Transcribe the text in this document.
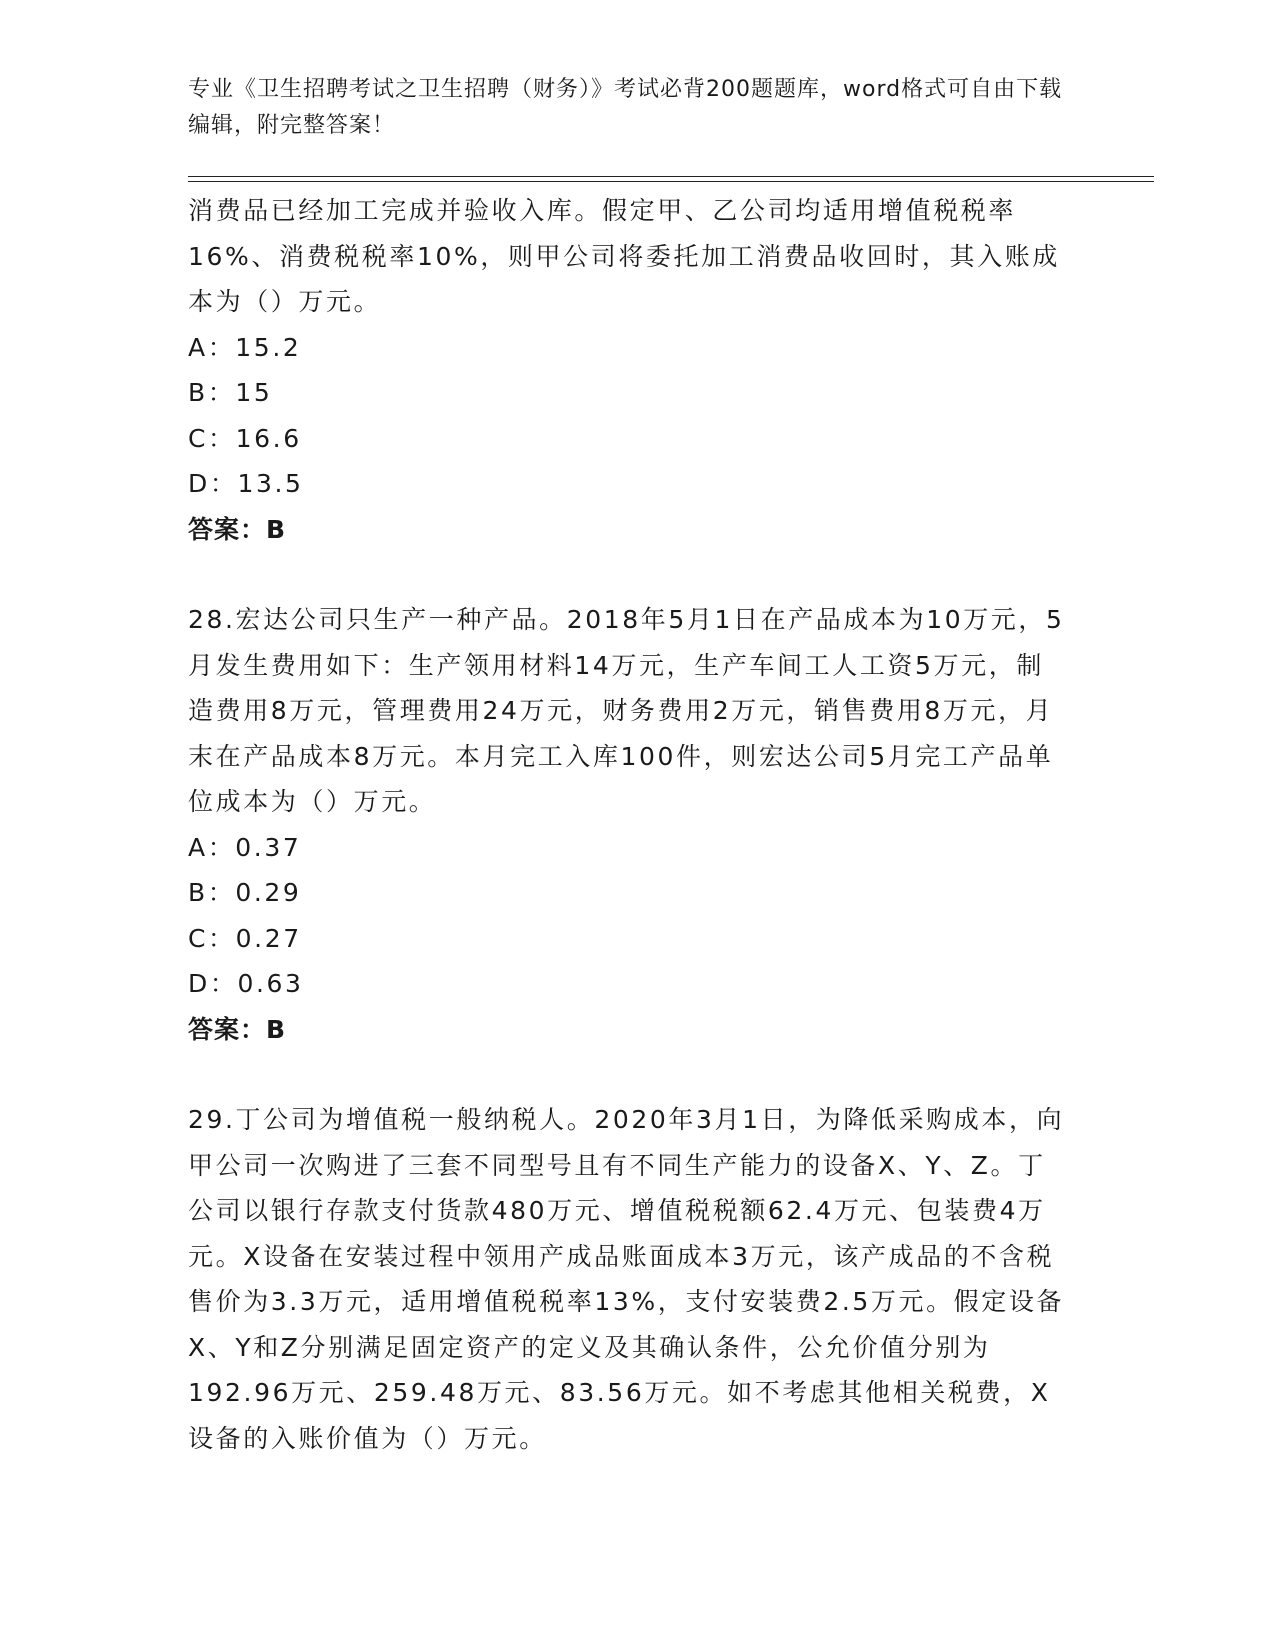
专业《卫生招聘考试之卫生招聘（财务）》考试必背200题题库，word格式可自由下载编辑，附完整答案！

消费品已经加工完成并验收入库。假定甲、乙公司均适用增值税税率16%、消费税税率10%，则甲公司将委托加工消费品收回时，其入账成本为（）万元。

A：15.2

B：15

C：16.6

D：13.5

答案：B

28.宏达公司只生产一种产品。2018年5月1日在产品成本为10万元，5月发生费用如下：生产领用材料14万元，生产车间工人工资5万元，制造费用8万元，管理费用24万元，财务费用2万元，销售费用8万元，月末在产品成本8万元。本月完工入库100件，则宏达公司5月完工产品单位成本为（）万元。

A：0.37

B：0.29

C：0.27

D：0.63

答案：B

29.丁公司为增值税一般纳税人。2020年3月1日，为降低采购成本，向甲公司一次购进了三套不同型号且有不同生产能力的设备X、Y、Z。丁公司以银行存款支付货款480万元、增值税税额62.4万元、包装费4万元。X设备在安装过程中领用产成品账面成本3万元，该产成品的不含税售价为3.3万元，适用增值税税率13%，支付安装费2.5万元。假定设备X、Y和Z分别满足固定资产的定义及其确认条件，公允价值分别为192.96万元、259.48万元、83.56万元。如不考虑其他相关税费，X设备的入账价值为（）万元。
